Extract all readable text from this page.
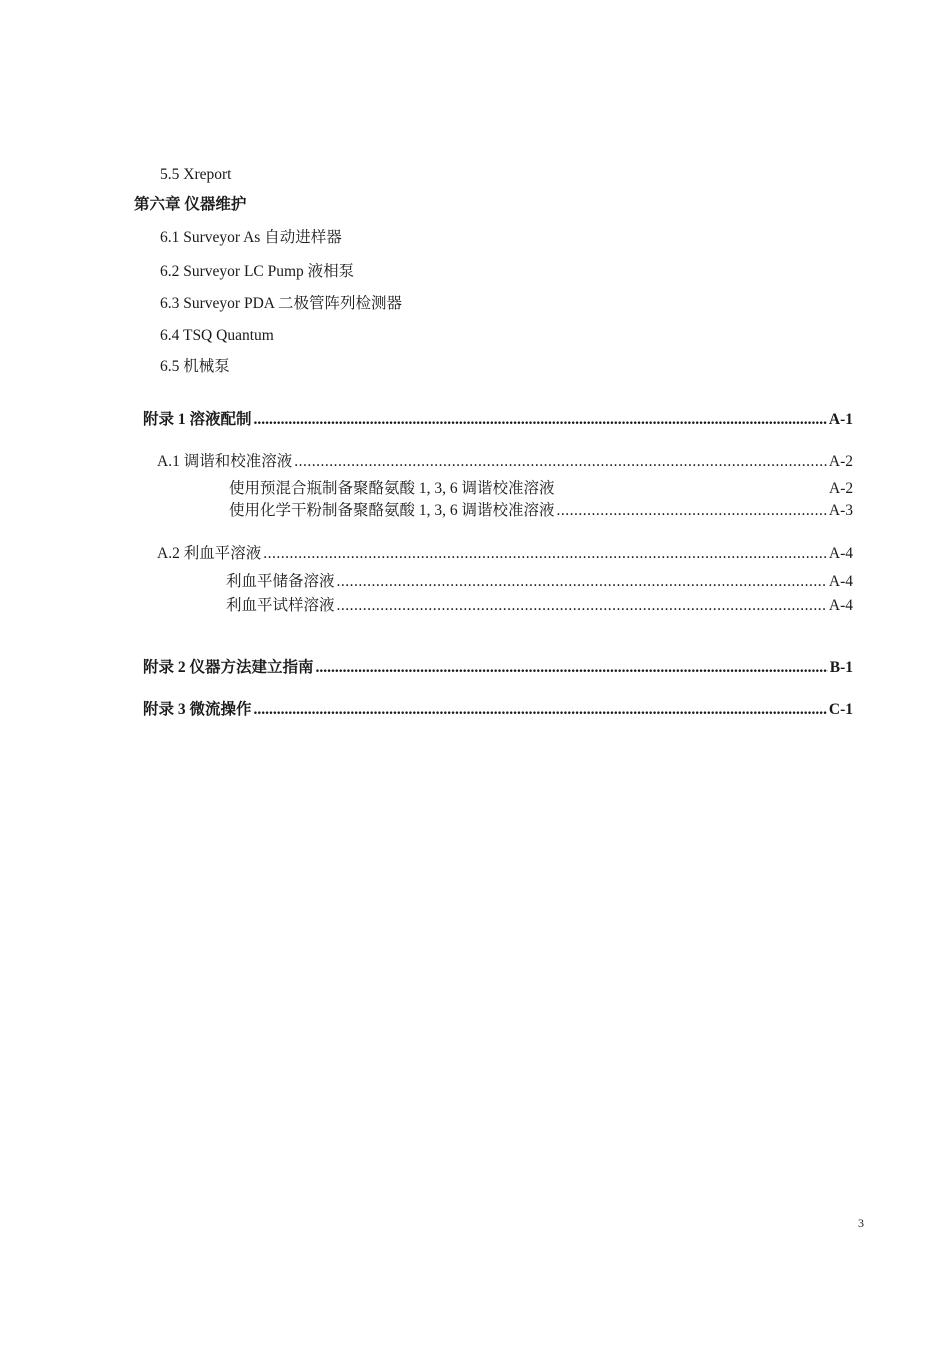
5.5 Xreport
第六章 仪器维护
6.1 Surveyor As 自动进样器
6.2 Surveyor LC Pump 液相泵
6.3 Surveyor PDA 二极管阵列检测器
6.4 TSQ Quantum
6.5 机械泵
附录 1 溶液配制 .....	A-1
A.1 调谐和校准溶液 .....	A-2
使用预混合瓶制备聚酪氨酸 1, 3, 6 调谐校准溶液	A-2
使用化学干粉制备聚酪氨酸 1, 3, 6 调谐校准溶液 .....	A-3
A.2 利血平溶液 .....	A-4
利血平储备溶液 .....	A-4
利血平试样溶液 .....	A-4
附录 2 仪器方法建立指南 .....	B-1
附录 3 微流操作 .....	C-1
3
